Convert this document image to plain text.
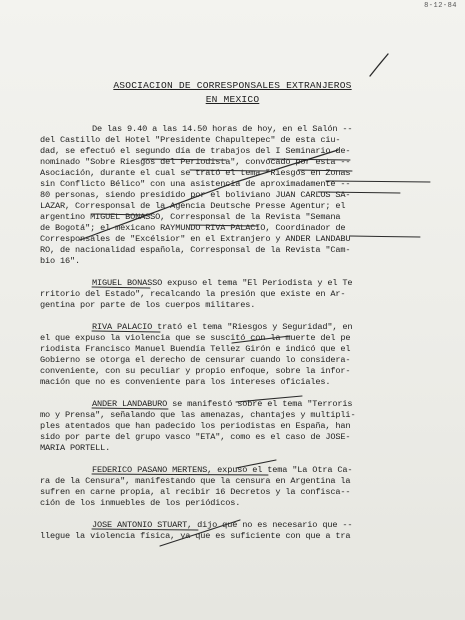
8-12-84
ASOCIACION DE CORRESPONSALES EXTRANJEROS
EN MEXICO
De las 9.40 a las 14.50 horas de hoy, en el Salón --
del Castillo del Hotel "Presidente Chapultepec" de esta ciu-
dad, se efectuó el segundo día de trabajos del I Seminario de-
nominado "Sobre Riesgos del Periodista", convocado por esta --
Asociación, durante el cual se trató el tema "Riesgos en Zonas
sin Conflicto Bélico" con una asistencia de aproximadamente --
80 personas, siendo presidido por el boliviano JUAN CARLOS SA-
LAZAR, Corresponsal de la Agencia Deutsche Presse Agentur; el
argentino MIGUEL BONASSO, Corresponsal de la Revista "Semana
de Bogotá"; el mexicano RAYMUNDO RIVA PALACIO, Coordinador de
Corresponsales de "Excélsior" en el Extranjero y ANDER LANDABU
RO, de nacionalidad española, Corresponsal de la Revista "Cam-
bio 16".
MIGUEL BONASSO expuso el tema "El Periodista y el Te
rritorio del Estado", recalcando la presión que existe en Ar-
gentina por parte de los cuerpos militares.
RIVA PALACIO trató el tema "Riesgos y Seguridad", en
el que expuso la violencia que se suscitó con la muerte del pe
riodista Francisco Manuel Buendía Tellez Girón e indicó que el
Gobierno se otorga el derecho de censurar cuando lo considera-
conveniente, con su peculiar y propio enfoque, sobre la infor-
mación que no es conveniente para los intereses oficiales.
ANDER LANDABURO se manifestó sobre el tema "Terroris
mo y Prensa", señalando que las amenazas, chantajes y multipli-
ples atentados que han padecido los periodistas en España, han
sido por parte del grupo vasco "ETA", como es el caso de JOSE-
MARIA PORTELL.
FEDERICO PASANO MERTENS, expuso el tema "La Otra Ca-
ra de la Censura", manifestando que la censura en Argentina la
sufren en carne propia, al recibir 16 Decretos y la confisca--
ción de los inmuebles de los periódicos.
JOSE ANTONIO STUART, dijo que no es necesario que --
llegue la violencia física, ya que es suficiente con que a tra
